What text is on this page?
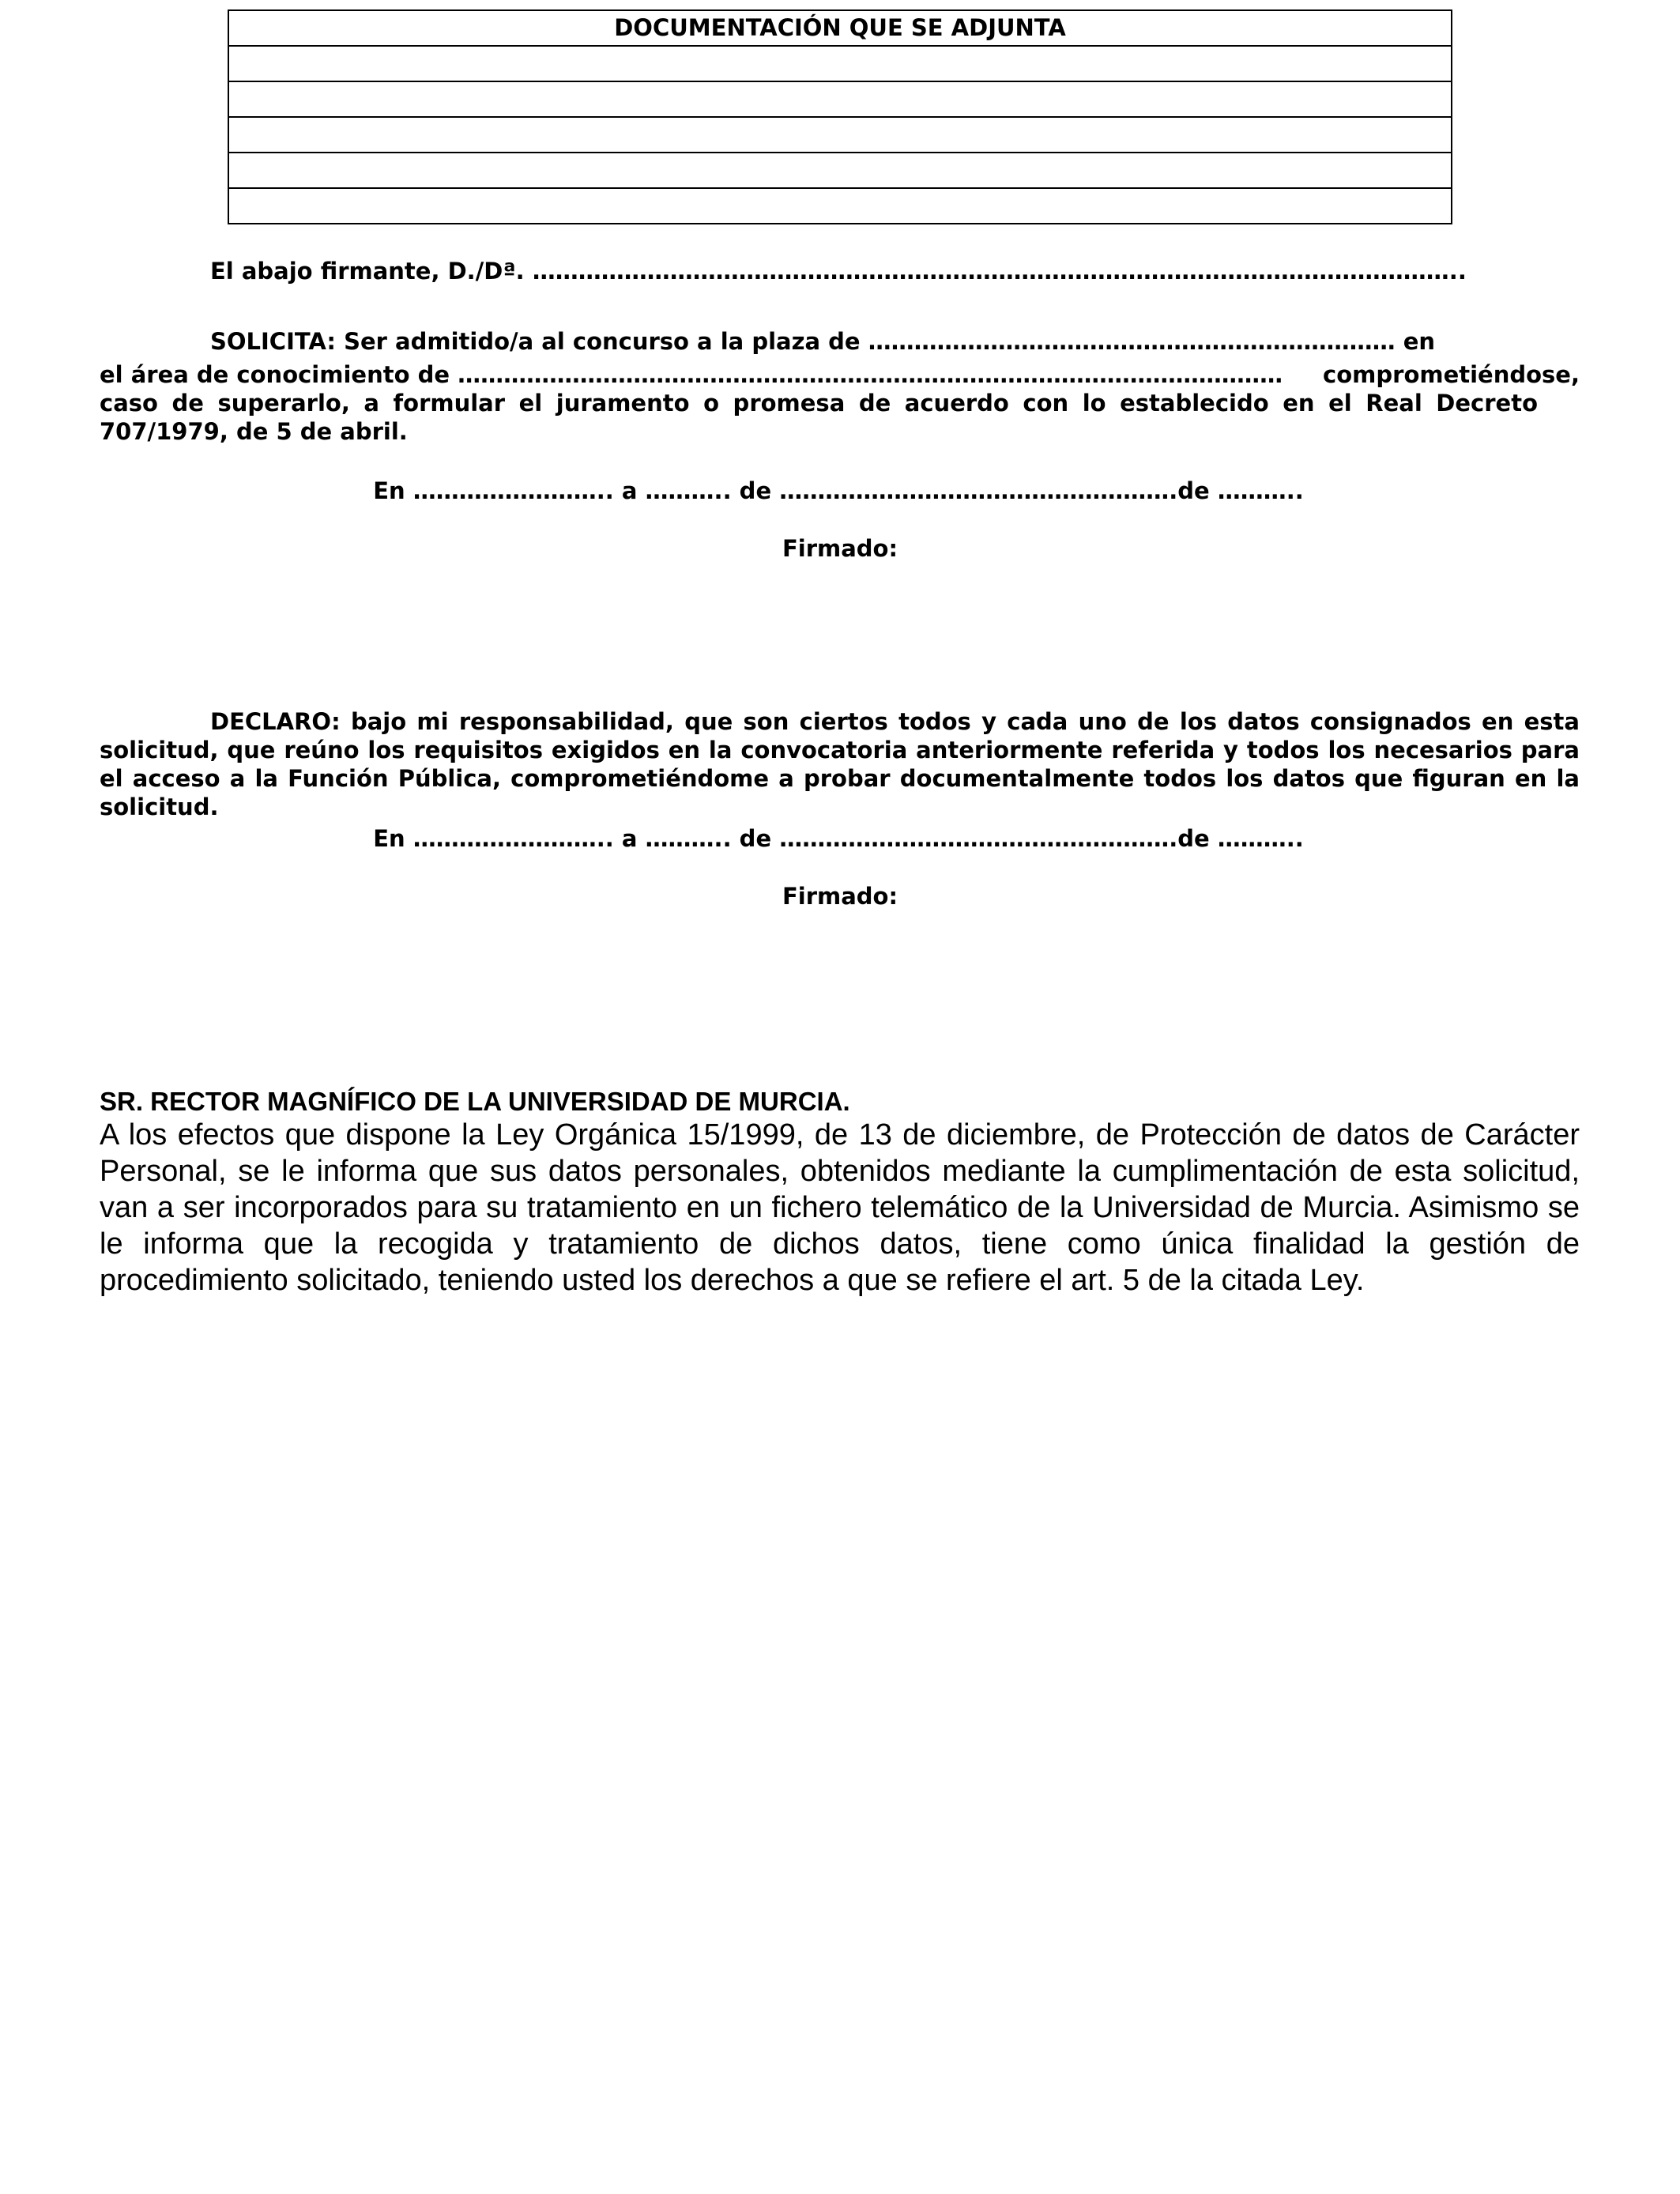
DOCUMENTACIÓN QUE SE ADJUNTA
El abajo firmante, D./Dª. …………………………………………………………………………………………………………..
SOLICITA: Ser admitido/a al concurso a la plaza de …………………………………………………………… en
el área de conocimiento de ……………………………………………………………………………………………… comprometiéndose,
caso de superarlo, a formular el juramento o promesa de acuerdo con lo establecido en el Real Decreto 707/1979, de 5 de abril.
En …………………….. a ……….. de …………………………………………….de ………..
Firmado:
DECLARO: bajo mi responsabilidad, que son ciertos todos y cada uno de los datos consignados en esta solicitud, que reúno los requisitos exigidos en la convocatoria anteriormente referida y todos los necesarios para el acceso a la Función Pública, comprometiéndome a probar documentalmente todos los datos que figuran en la solicitud.
En …………………….. a ……….. de …………………………………………….de ………..
Firmado:
SR. RECTOR MAGNÍFICO DE LA UNIVERSIDAD DE MURCIA.
A los efectos que dispone la Ley Orgánica 15/1999, de 13 de diciembre, de Protección de datos de Carácter Personal, se le informa que sus datos personales, obtenidos mediante la cumplimentación de esta solicitud, van a ser incorporados para su tratamiento en un fichero telemático de la Universidad de Murcia. Asimismo se le informa que la recogida y tratamiento de dichos datos, tiene como única finalidad la gestión de procedimiento solicitado, teniendo usted los derechos a que se refiere el art. 5 de la citada Ley.
